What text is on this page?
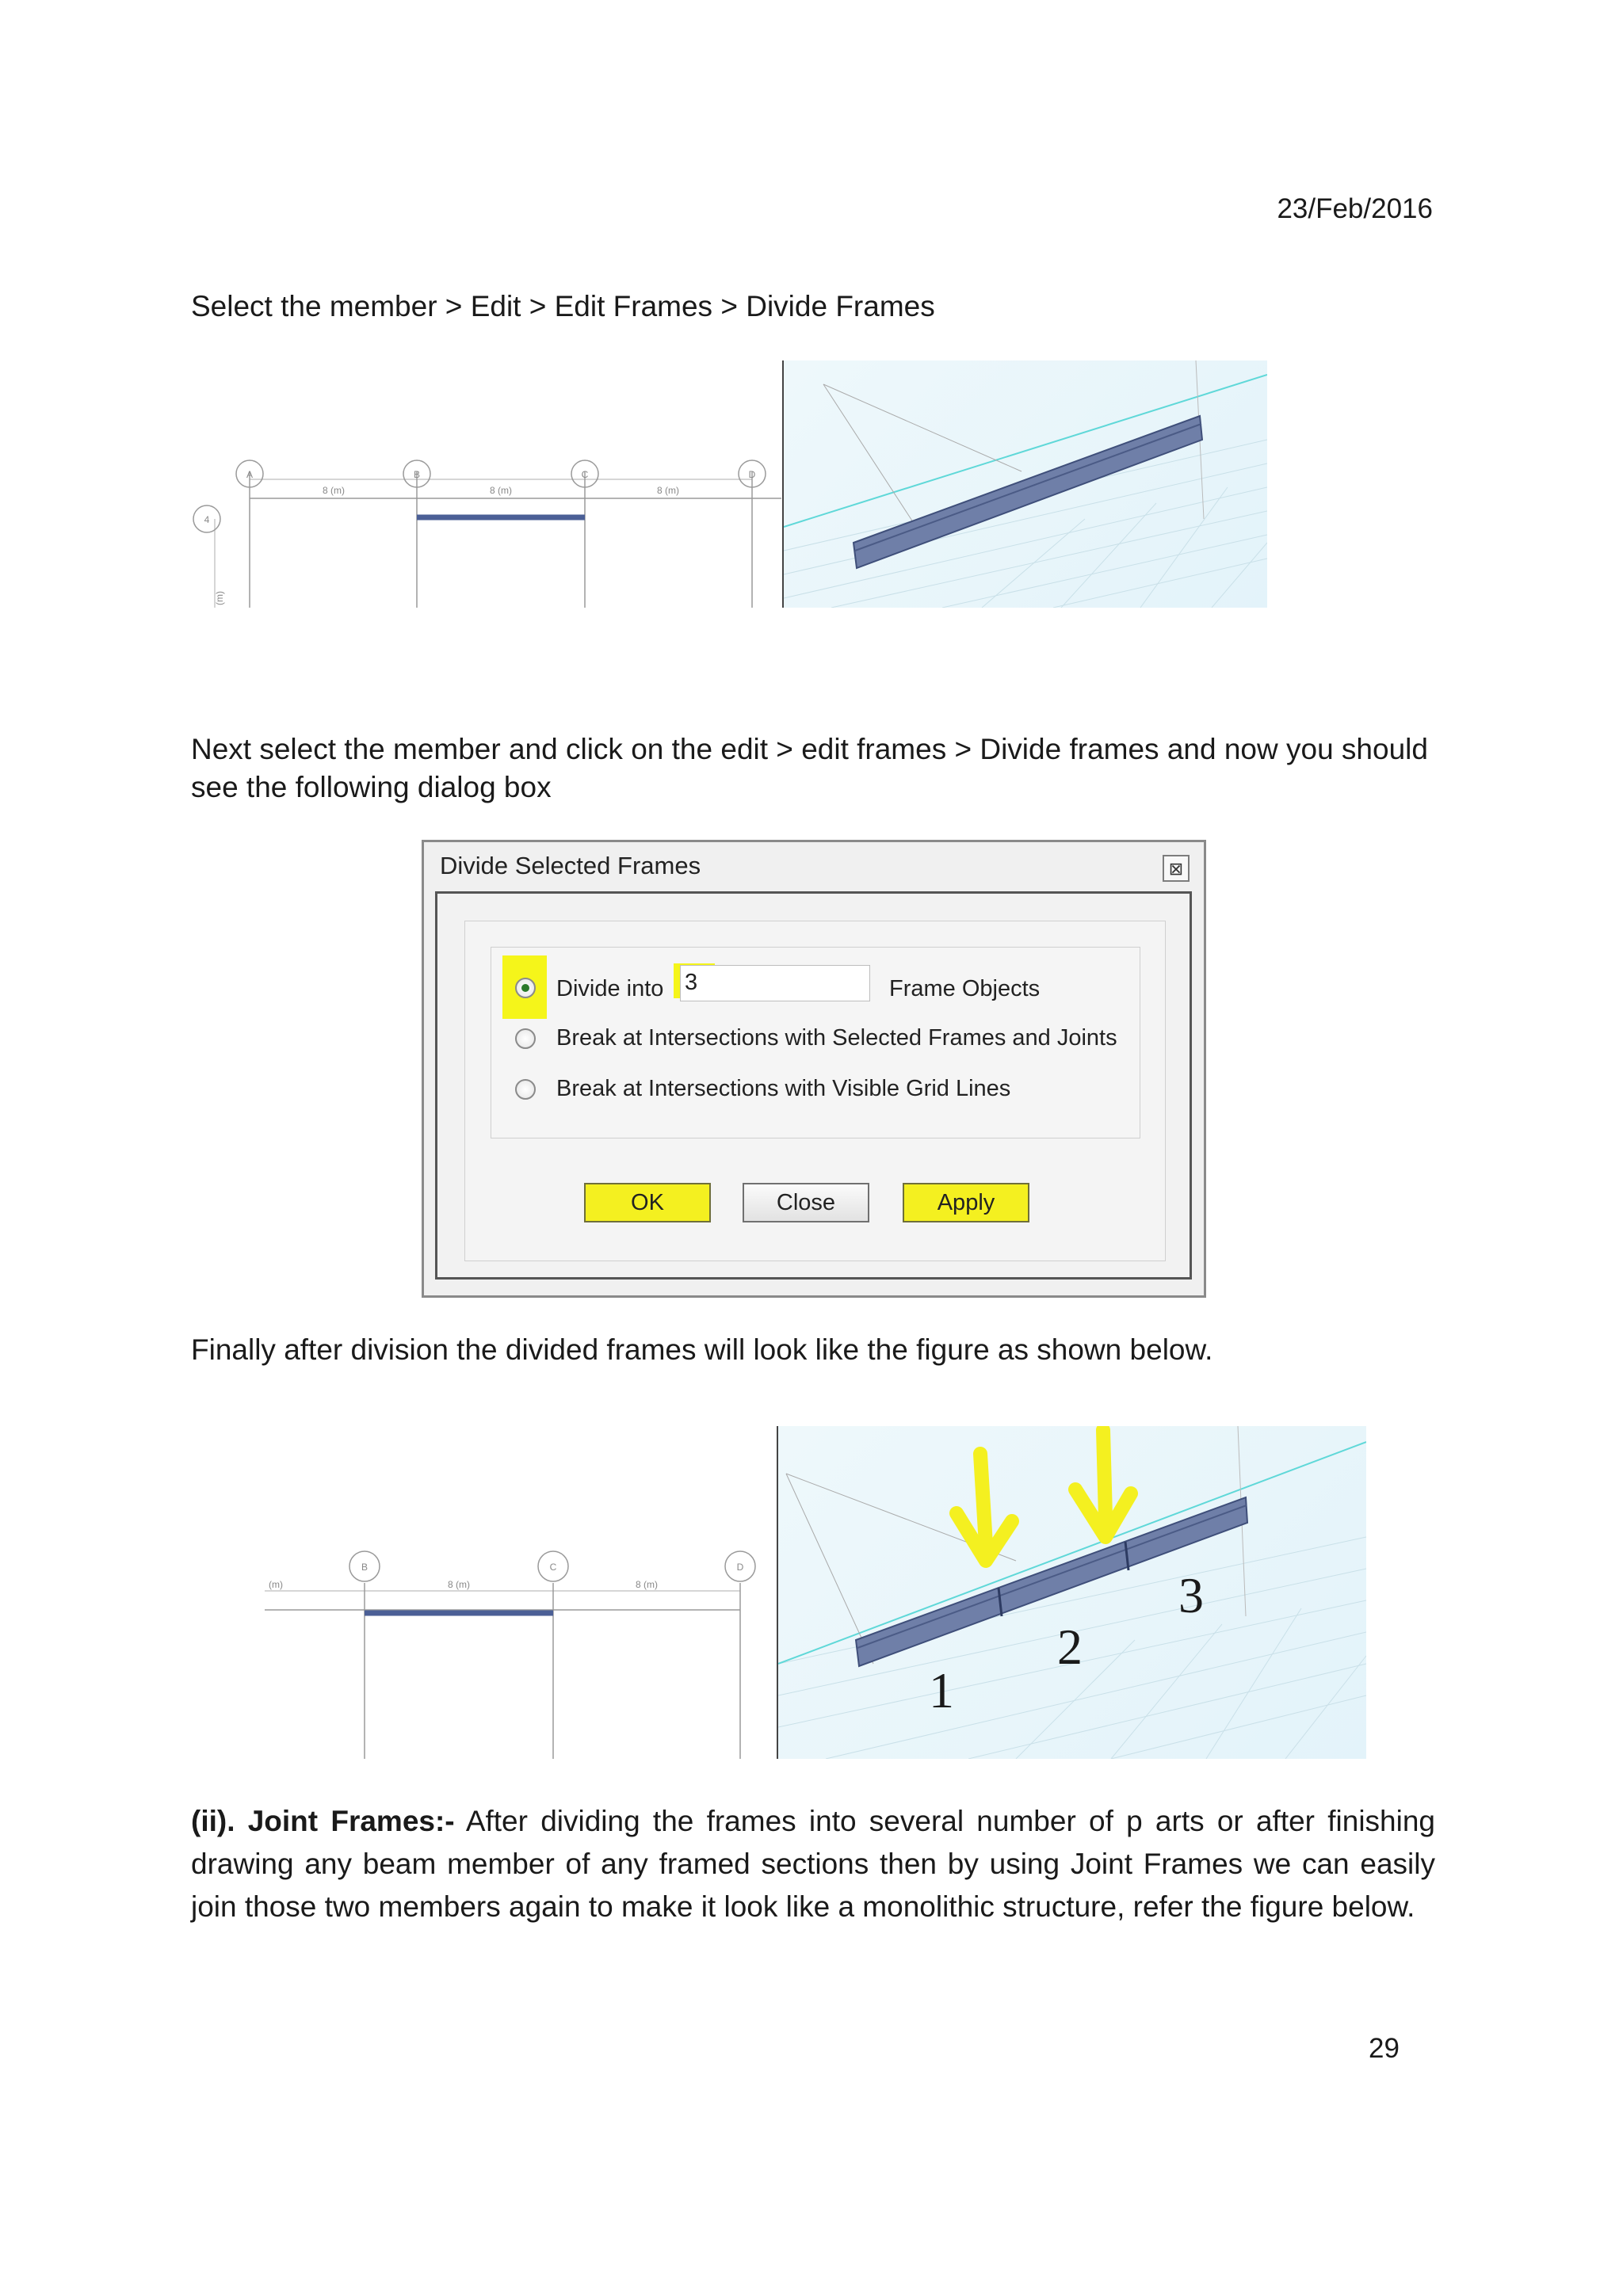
23/Feb/2016
Select the member > Edit > Edit Frames > Divide Frames
A	B	C	D
4
8 (m)	8 (m)	8 (m)
(m)
Next select the member and click on the edit > edit frames > Divide frames and now you should see the following dialog box
Divide Selected Frames	⊠
Divide into 3	Frame Objects
Break at Intersections with Selected Frames and Joints
Break at Intersections with Visible Grid Lines
OK	Close	Apply
Finally after division the divided frames will look like the figure as shown below.
B	C	D
(m)	8 (m)	8 (m)
1
2
3
(ii). Joint Frames:- After dividing the frames into several number of p arts or after finishing drawing any beam member of any framed sections then by using Joint Frames we can easily join those two members again to make it look like a monolithic structure, refer the figure below.
29
